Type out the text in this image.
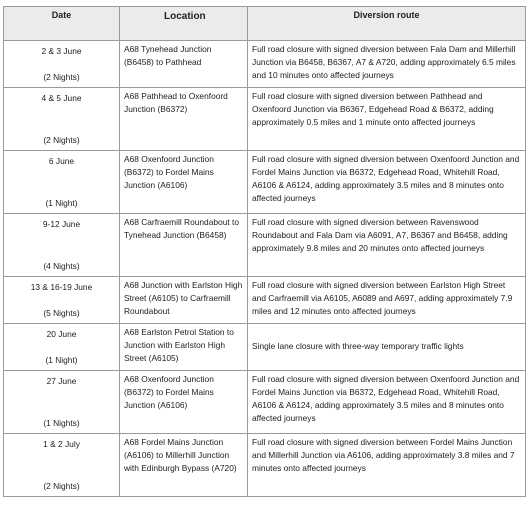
Date	Location	Diversion route

2 & 3 June
(2 Nights)	A68 Tynehead Junction (B6458) to Pathhead	Full road closure with signed diversion between Fala Dam and Millerhill Junction via B6458, B6367, A7 & A720, adding approximately 6.5 miles and 10 minutes onto affected journeys

4 & 5 June
(2 Nights)	A68 Pathhead to Oxenfoord Junction (B6372)	Full road closure with signed diversion between Pathhead and Oxenfoord Junction via B6367, Edgehead Road & B6372, adding approximately 0.5 miles and 1 minute onto affected journeys

6 June
(1 Night)	A68 Oxenfoord Junction (B6372) to Fordel Mains Junction (A6106)	Full road closure with signed diversion between Oxenfoord Junction and Fordel Mains Junction via B6372, Edgehead Road, Whitehill Road, A6106 & A6124, adding approximately 3.5 miles and 8 minutes onto affected journeys

9-12 June
(4 Nights)	A68 Carfraemill Roundabout to Tynehead Junction (B6458)	Full road closure with signed diversion between Ravenswood Roundabout and Fala Dam via A6091, A7, B6367 and B6458, adding approximately 9.8 miles and 20 minutes onto affected journeys

13 & 16-19 June
(5 Nights)	A68 Junction with Earlston High Street (A6105) to Carfraemill Roundabout	Full road closure with signed diversion between Earlston High Street and Carfraemill via A6105, A6089 and A697, adding approximately 7.9 miles and 12 minutes onto affected journeys

20 June
(1 Night)	A68 Earlston Petrol Station to Junction with Earlston High Street (A6105)	Single lane closure with three-way temporary traffic lights

27 June
(1 Nights)	A68 Oxenfoord Junction (B6372) to Fordel Mains Junction (A6106)	Full road closure with signed diversion between Oxenfoord Junction and Fordel Mains Junction via B6372, Edgehead Road, Whitehill Road, A6106 & A6124, adding approximately 3.5 miles and 8 minutes onto affected journeys

1 & 2 July
(2 Nights)	A68 Fordel Mains Junction (A6106) to Millerhill Junction with Edinburgh Bypass (A720)	Full road closure with signed diversion between Fordel Mains Junction and Millerhill Junction via A6106, adding approximately 3.8 miles and 7 minutes onto affected journeys
